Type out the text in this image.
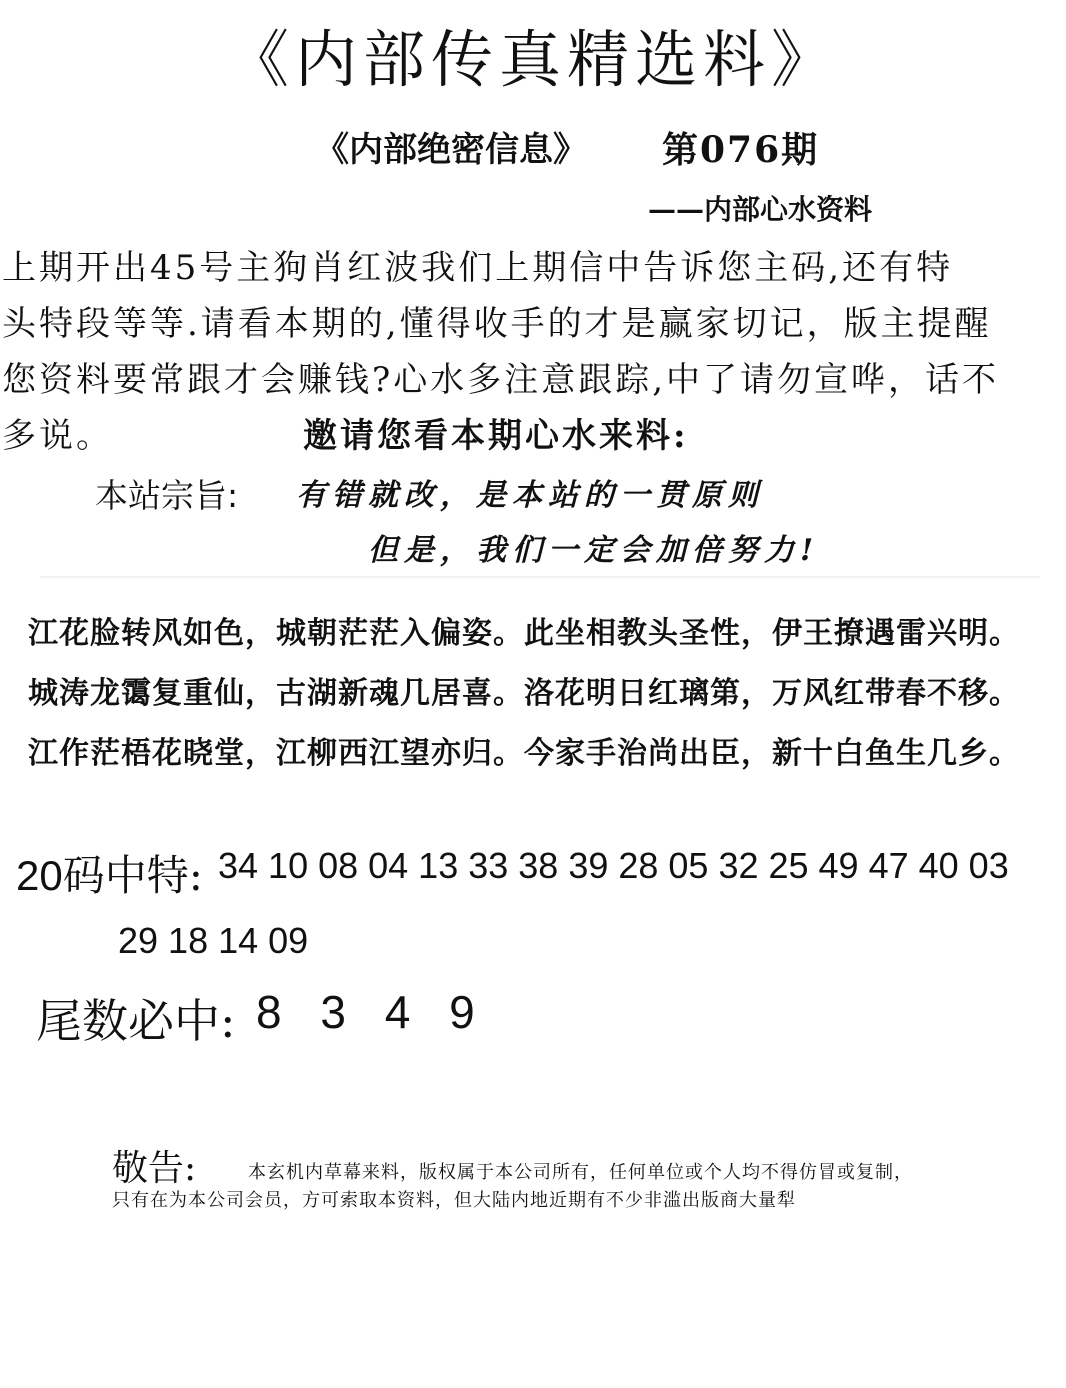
《内部传真精选料》
《内部绝密信息》 第076期
——内部心水资料
上期开出45号主狗肖红波我们上期信中告诉您主码,还有特
头特段等等.请看本期的,懂得收手的才是赢家切记，版主提醒
您资料要常跟才会赚钱?心水多注意跟踪,中了请勿宣哗，话不
多说。	邀请您看本期心水来料:
本站宗旨: 有错就改，是本站的一贯原则
但是，我们一定会加倍努力!
江花脸转风如色，城朝茫茫入偏姿。此坐相教头圣性，伊王撩遇雷兴明。
城涛龙霭复重仙，古湖新魂几居喜。洛花明日红璃第，万风红带春不移。
江作茫梧花晓堂，江柳西江望亦归。今家手治尚出臣，新十白鱼生几乡。
20码中特: 34 10 08 04 13 33 38 39 28 05 32 25 49 47 40 03
29 18 14 09
尾数必中: 8 3 4 9
敬告:	本玄机内草幕来料，版权属于本公司所有，任何单位或个人均不得仿冒或复制，
只有在为本公司会员，方可索取本资料，但大陆内地近期有不少非滥出版商大量犁
